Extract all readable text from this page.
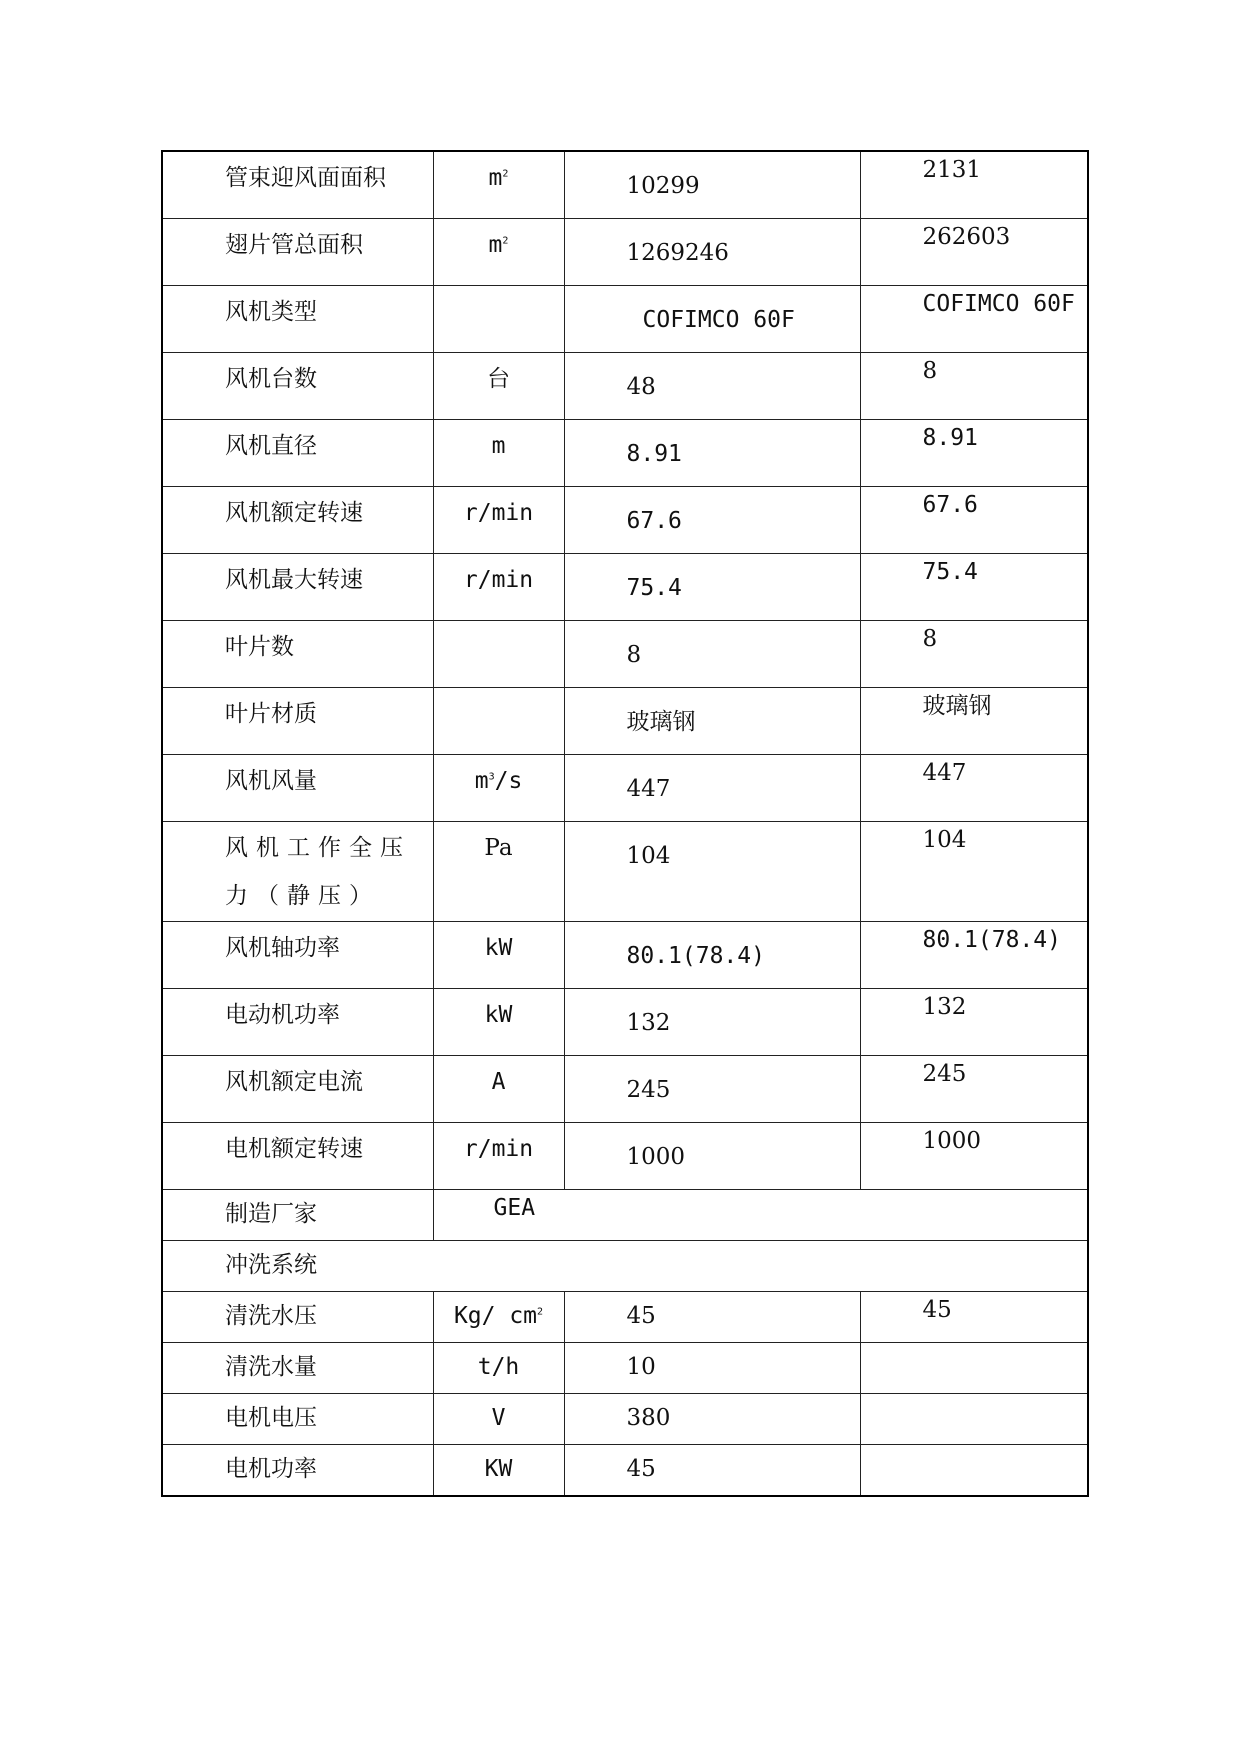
管束迎风面面积	$m^2$	10299	2131
翅片管总面积	$m^2$	1269246	262603
风机类型		COFIMCO 60F	COFIMCO 60F
风机台数	台	48	8
风机直径	m	8.91	8.91
风机额定转速	r/min	67.6	67.6
风机最大转速	r/min	75.4	75.4
叶片数		8	8
叶片材质		玻璃钢	玻璃钢
风机风量	$m^3/s$	447	447
风机工作全压力（静压）	Pa	104	104
风机轴功率	kW	80.1(78.4)	80.1(78.4)
电动机功率	kW	132	132
风机额定电流	A	245	245
电机额定转速	r/min	1000	1000
制造厂家	GEA		
冲洗系统			
清洗水压	Kg/ $cm^2$	45	45
清洗水量	t/h	10	
电机电压	V	380	
电机功率	KW	45	
